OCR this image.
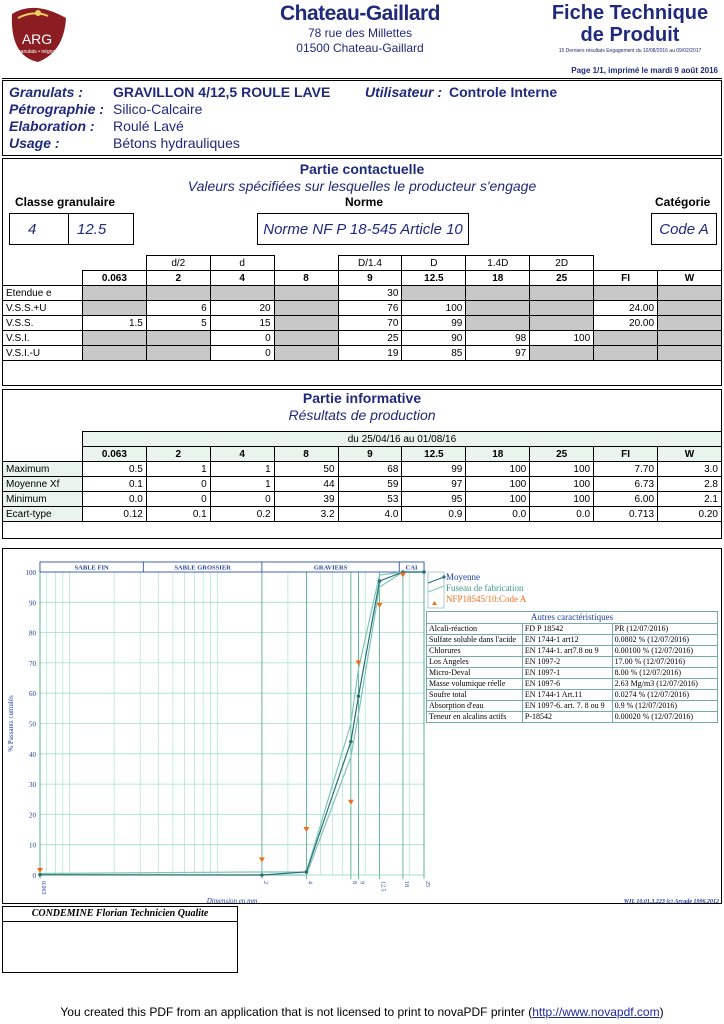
ARG
granulats • négoce
Chateau-Gaillard
78 rue des Millettes
01500 Chateau-Gaillard
Fiche Technique
de Produit
15 Derniers résultats Engagement du 10/08/2016 au 09/02/2017
Page 1/1, imprimé le mardi 9 août 2016
Granulats : GRAVILLON 4/12,5 ROULE LAVE Utilisateur : Controle Interne
Pétrographie : Silico-Calcaire
Elaboration : Roulé Lavé
Usage :	Bétons hydrauliques
Partie contactuelle
Valeurs spécifiées sur lesquelles le producteur s'engage
Classe granulaire	Norme	Catégorie
4	12.5	Norme NF P 18-545 Article 10	Code A
		d/2	d		D/1.4	D	1.4D	2D		
	0.063	2	4	8	9	12.5	18	25	FI	W
Etendue e					30					
V.S.S.+U		6	20		76	100			24.00	
V.S.S.	1.5	5	15		70	99			20.00	
V.S.I.			0		25	90	98	100		
V.S.I.-U			0		19	85	97			
Partie informative
Résultats de production
	du 25/04/16 au 01/08/16									
	0.063	2	4	8	9	12.5	18	25	FI	W
Maximum	0.5	1	1	50	68	99	100	100	7.70	3.0
Moyenne Xf	0.1	0	1	44	59	97	100	100	6.73	2.8
Minimum	0.0	0	0	39	53	95	100	100	6.00	2.1
Ecart-type	0.12	0.1	0.2	3.2	4.0	0.9	0.0	0.0	0.713	0.20
SABLE FIN	SABLE GROSSIER	GRAVIERS	CAI
0
10
20
30
40
50
60
70
80
90
100
0.063	2	4	8 9	12.5	18	25
Dimension en mm
% Passants cumulés
WIL 10.01.3.223 (c) Arcade 1996,2012
Moyenne
Fuseau de fabrication
NFP18545/10:Code A
Autres caractéristiques
Alcali-réaction	FD P 18542	PR (12/07/2016)
Sulfate soluble dans l'acide	EN 1744-1 art12	0.0802 % (12/07/2016)
Chlorures	EN 1744-1. art7.8 ou 9	0.00100 % (12/07/2016)
Los Angeles	EN 1097-2	17.00 % (12/07/2016)
Micro-Deval	EN 1097-1	8.00 % (12/07/2016)
Masse volumique réelle	EN 1097-6	2.63 Mg/m3 (12/07/2016)
Soufre total	EN 1744-1 Art.11	0.0274 % (12/07/2016)
Absorption d'eau	EN 1097-6. art. 7. 8 ou 9	0.9 % (12/07/2016)
Teneur en alcalins actifs	P-18542	0.00020 % (12/07/2016)
CONDEMINE Florian Technicien Qualite
You created this PDF from an application that is not licensed to print to novaPDF printer (http://www.novapdf.com)
